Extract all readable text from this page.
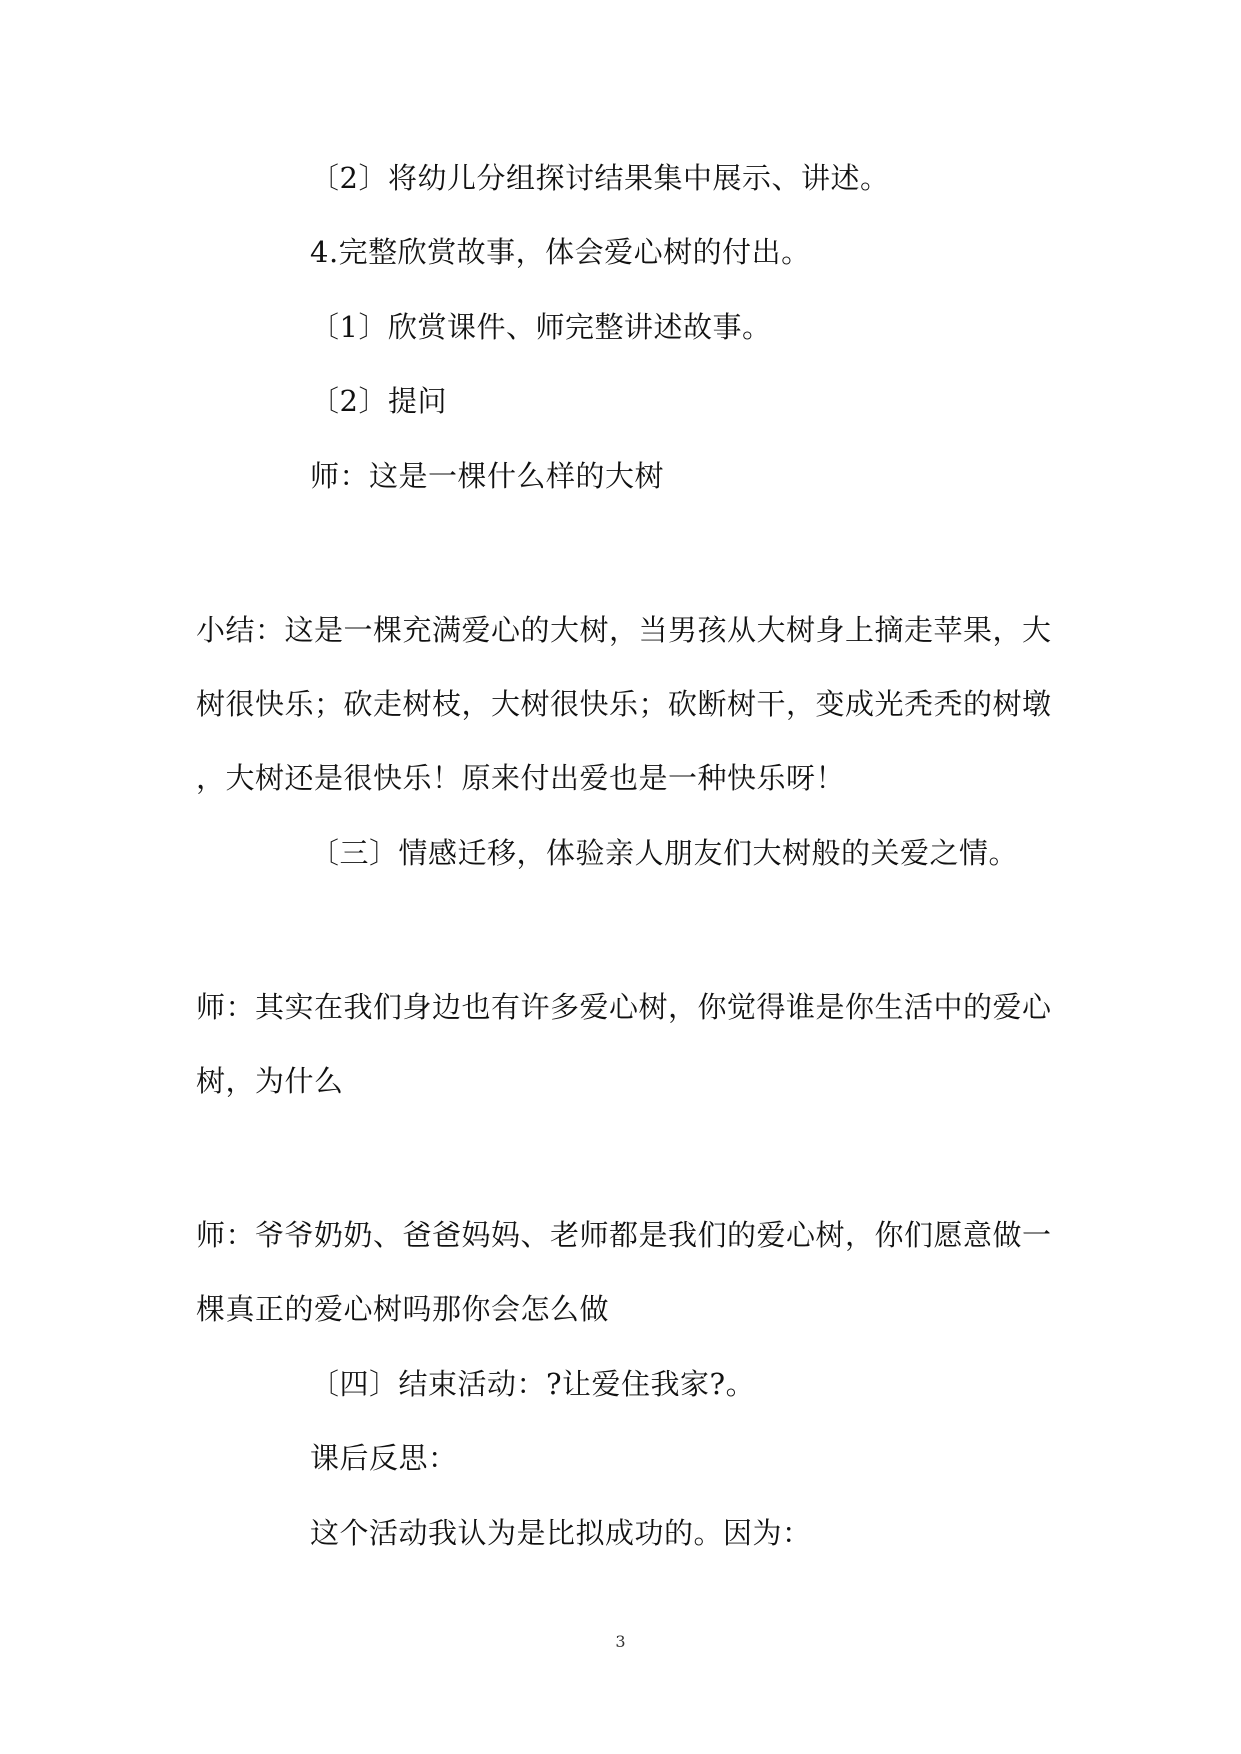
〔2〕将幼儿分组探讨结果集中展示、讲述。
4.完整欣赏故事，体会爱心树的付出。
〔1〕欣赏课件、师完整讲述故事。
〔2〕提问
师：这是一棵什么样的大树
小结：这是一棵充满爱心的大树，当男孩从大树身上摘走苹果，大
树很快乐；砍走树枝，大树很快乐；砍断树干，变成光秃秃的树墩
，大树还是很快乐！原来付出爱也是一种快乐呀！
〔三〕情感迁移，体验亲人朋友们大树般的关爱之情。
师：其实在我们身边也有许多爱心树，你觉得谁是你生活中的爱心
树，为什么
师：爷爷奶奶、爸爸妈妈、老师都是我们的爱心树，你们愿意做一
棵真正的爱心树吗那你会怎么做
〔四〕结束活动：?让爱住我家?。
课后反思：
这个活动我认为是比拟成功的。因为：
3
